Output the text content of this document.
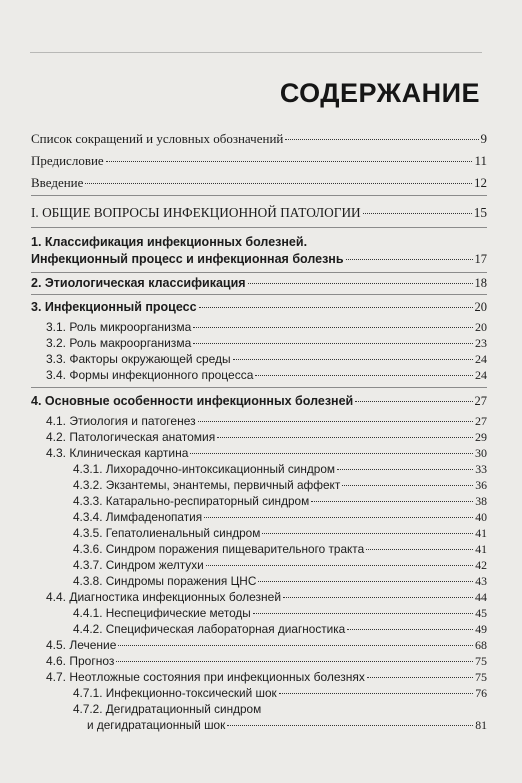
СОДЕРЖАНИЕ
Список сокращений и условных обозначений	9
Предисловие	11
Введение	12
I. ОБЩИЕ ВОПРОСЫ ИНФЕКЦИОННОЙ ПАТОЛОГИИ	15
1. Классификация инфекционных болезней.
Инфекционный процесс и инфекционная болезнь	17
2. Этиологическая классификация	18
3. Инфекционный процесс	20
3.1. Роль микроорганизма	20
3.2. Роль макроорганизма	23
3.3. Факторы окружающей среды	24
3.4. Формы инфекционного процесса	24
4. Основные особенности инфекционных болезней	27
4.1. Этиология и патогенез	27
4.2. Патологическая анатомия	29
4.3. Клиническая картина	30
4.3.1. Лихорадочно-интоксикационный синдром	33
4.3.2. Экзантемы, энантемы, первичный аффект	36
4.3.3. Катарально-респираторный синдром	38
4.3.4. Лимфаденопатия	40
4.3.5. Гепатолиенальный синдром	41
4.3.6. Синдром поражения пищеварительного тракта	41
4.3.7. Синдром желтухи	42
4.3.8. Синдромы поражения ЦНС	43
4.4. Диагностика инфекционных болезней	44
4.4.1. Неспецифические методы	45
4.4.2. Специфическая лабораторная диагностика	49
4.5. Лечение	68
4.6. Прогноз	75
4.7. Неотложные состояния при инфекционных болезнях	75
4.7.1. Инфекционно-токсический шок	76
4.7.2. Дегидратационный синдром
и дегидратационный шок	81
